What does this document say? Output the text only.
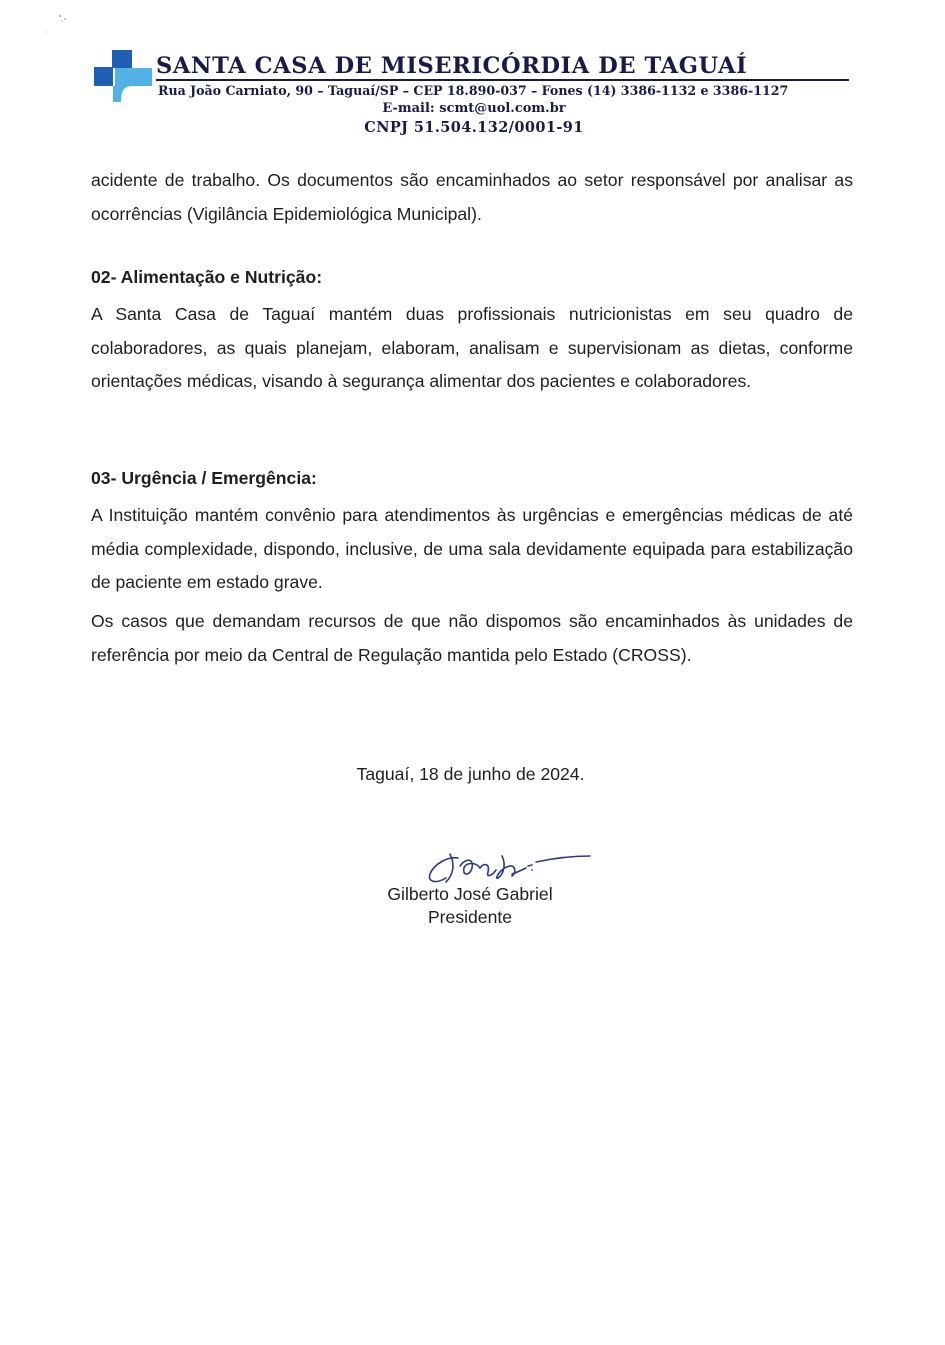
SANTA CASA DE MISERICÓRDIA DE TAGUAÍ
Rua João Carniato, 90 – Taguaí/SP – CEP 18.890-037 – Fones (14) 3386-1132 e 3386-1127
E-mail: scmt@uol.com.br
CNPJ 51.504.132/0001-91

acidente de trabalho. Os documentos são encaminhados ao setor responsável por analisar as ocorrências (Vigilância Epidemiológica Municipal).

02- Alimentação e Nutrição:

A Santa Casa de Taguaí mantém duas profissionais nutricionistas em seu quadro de colaboradores, as quais planejam, elaboram, analisam e supervisionam as dietas, conforme orientações médicas, visando à segurança alimentar dos pacientes e colaboradores.

03- Urgência / Emergência:

A Instituição mantém convênio para atendimentos às urgências e emergências médicas de até média complexidade, dispondo, inclusive, de uma sala devidamente equipada para estabilização de paciente em estado grave.

Os casos que demandam recursos de que não dispomos são encaminhados às unidades de referência por meio da Central de Regulação mantida pelo Estado (CROSS).

Taguaí, 18 de junho de 2024.
Gilberto José Gabriel
Presidente
